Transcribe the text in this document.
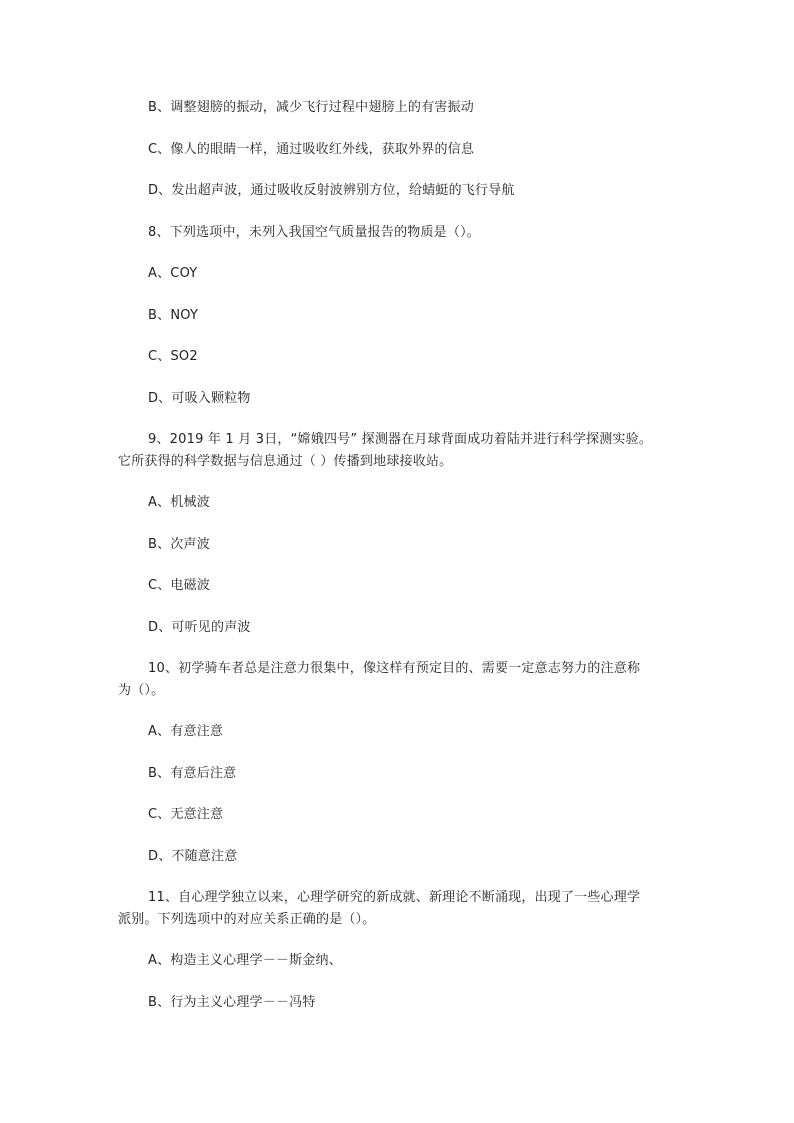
B、调整翅膀的振动，减少飞行过程中翅膀上的有害振动
C、像人的眼睛一样，通过吸收红外线，获取外界的信息
D、发出超声波，通过吸收反射波辨别方位，给蜻蜓的飞行导航
8、下列选项中，未列入我国空气质量报告的物质是（）。
A、COY
B、NOY
C、SO2
D、可吸入颗粒物
9、2019 年 1 月 3日，“嫦娥四号” 探测器在月球背面成功着陆并进行科学探测实验。
它所获得的科学数据与信息通过（ ）传播到地球接收站。
A、机械波
B、次声波
C、电磁波
D、可听见的声波
10、初学骑车者总是注意力很集中，像这样有预定目的、需要一定意志努力的注意称
为（）。
A、有意注意
B、有意后注意
C、无意注意
D、不随意注意
11、自心理学独立以来，心理学研究的新成就、新理论不断涌现，出现了一些心理学
派别。下列选项中的对应关系正确的是（）。
A、构造主义心理学－－斯金纳、
B、行为主义心理学－－冯特
